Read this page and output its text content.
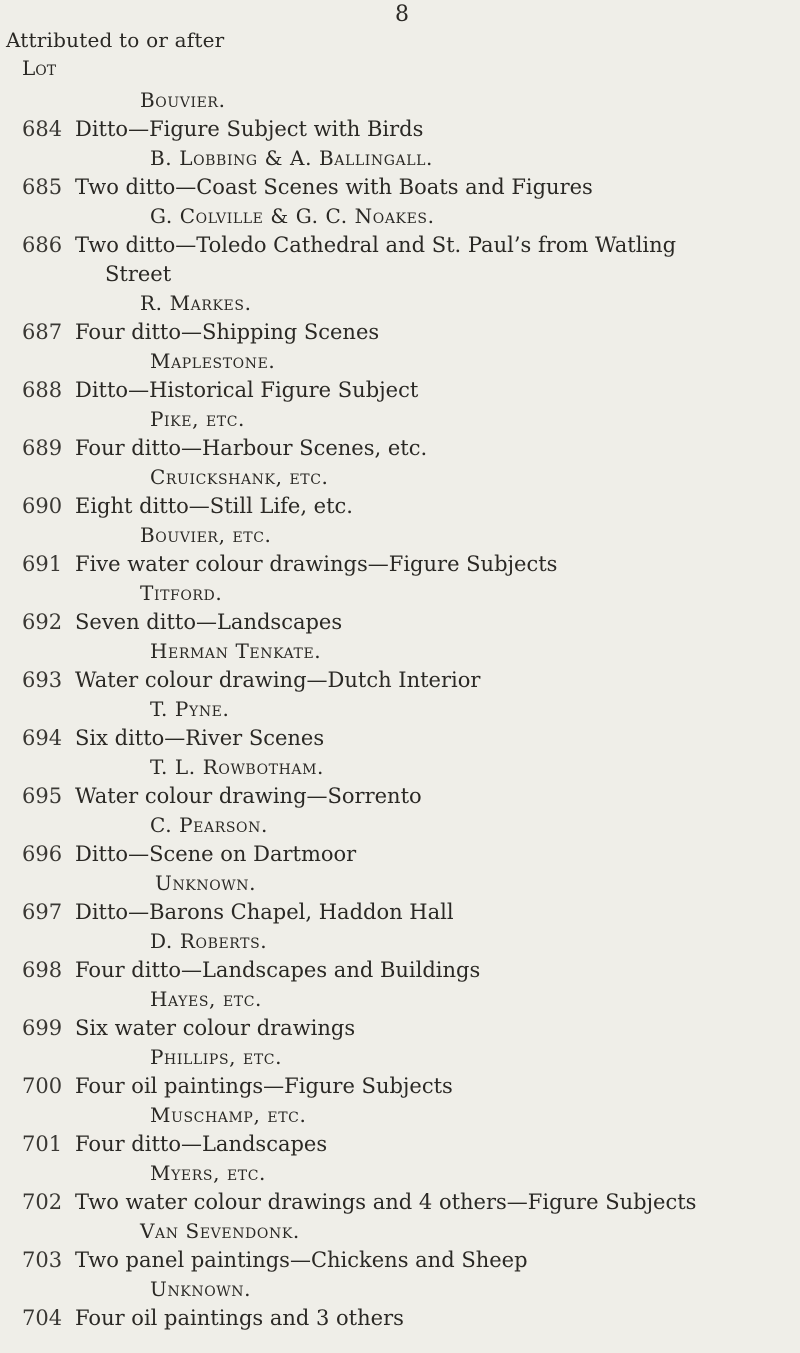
8
Attributed to or after
Lot
Bouvier.
684 Ditto—Figure Subject with Birds
B. Lobbing & A. Ballingall.
685 Two ditto—Coast Scenes with Boats and Figures
G. Colville & G. C. Noakes.
686 Two ditto—Toledo Cathedral and St. Paul’s from Watling
Street
R. Markes.
687 Four ditto—Shipping Scenes
Maplestone.
688 Ditto—Historical Figure Subject
Pike, etc.
689 Four ditto—Harbour Scenes, etc.
Cruickshank, etc.
690 Eight ditto—Still Life, etc.
Bouvier, etc.
691 Five water colour drawings—Figure Subjects
Titford.
692 Seven ditto—Landscapes
Herman Tenkate.
693 Water colour drawing—Dutch Interior
T. Pyne.
694 Six ditto—River Scenes
T. L. Rowbotham.
695 Water colour drawing—Sorrento
C. Pearson.
696 Ditto—Scene on Dartmoor
Unknown.
697 Ditto—Barons Chapel, Haddon Hall
D. Roberts.
698 Four ditto—Landscapes and Buildings
Hayes, etc.
699 Six water colour drawings
Phillips, etc.
700 Four oil paintings—Figure Subjects
Muschamp, etc.
701 Four ditto—Landscapes
Myers, etc.
702 Two water colour drawings and 4 others—Figure Subjects
Van Sevendonk.
703 Two panel paintings—Chickens and Sheep
Unknown.
704 Four oil paintings and 3 others
